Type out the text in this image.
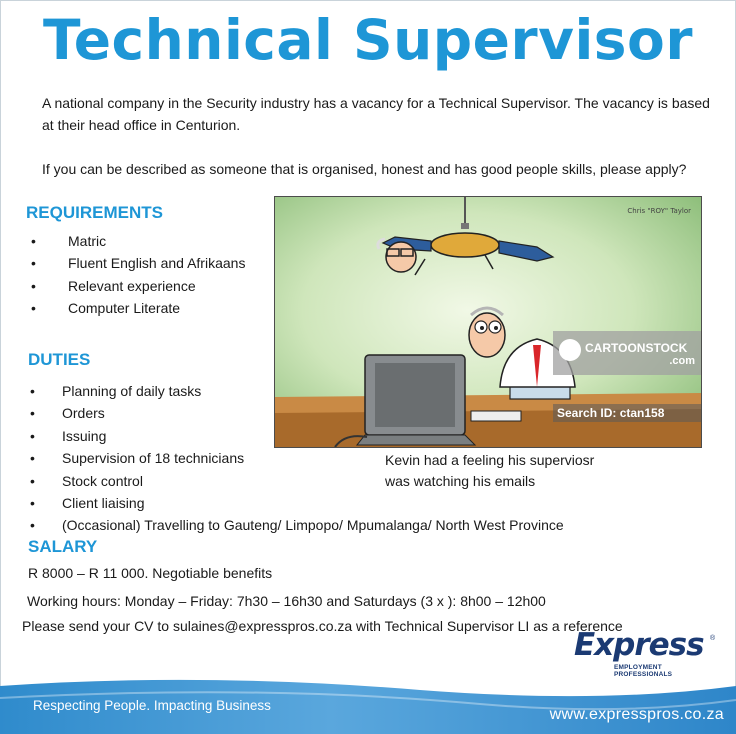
Technical Supervisor

A national company in the Security industry has a vacancy for a Technical Supervisor. The vacancy is based at their head office in Centurion.

If you can be described as someone that is organised, honest and has good people skills, please apply?

REQUIREMENTS
• Matric
• Fluent English and Afrikaans
• Relevant experience
• Computer Literate
DUTIES
• Planning of daily tasks
• Orders
• Issuing
• Supervision of 18 technicians
• Stock control
• Client liaising
• (Occasional) Travelling to Gauteng/ Limpopo/ Mpumalanga/ North West Province
Chris "ROY" Taylor
CARTOONSTOCK
.com
Search ID: ctan158
Kevin had a feeling his superviosr
was watching his emails
SALARY
R 8000 – R 11 000. Negotiable benefits
Working hours: Monday – Friday: 7h30 – 16h30 and Saturdays (3 x ): 8h00 – 12h00
Please send your CV to sulaines@expresspros.co.za with Technical Supervisor LI as a reference
Express ®
EMPLOYMENT PROFESSIONALS
Respecting People. Impacting Business
www.expresspros.co.za
